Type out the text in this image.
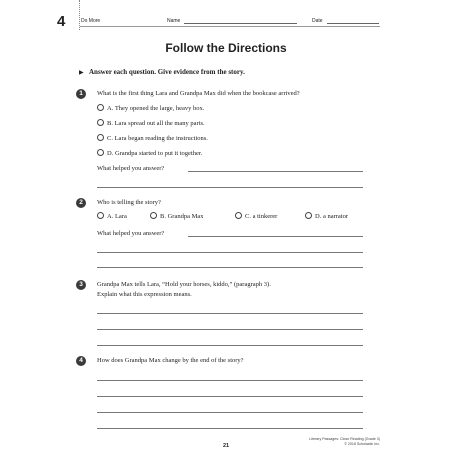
4	Do More	Name	Date
Follow the Directions
▶ Answer each question. Give evidence from the story.
1	What is the first thing Lara and Grandpa Max did when the bookcase arrived?
A. They opened the large, heavy box.
B. Lara spread out all the many parts.
C. Lara began reading the instructions.
D. Grandpa started to put it together.
What helped you answer?
2	Who is telling the story?
A. Lara	B. Grandpa Max	C. a tinkerer	D. a narrator
What helped you answer?
3	Grandpa Max tells Lara, “Hold your horses, kiddo,” (paragraph 3).
Explain what this expression means.
4	How does Grandpa Max change by the end of the story?
21
Literary Passages: Close Reading (Grade 3)
© 2018 Scholastic Inc.
